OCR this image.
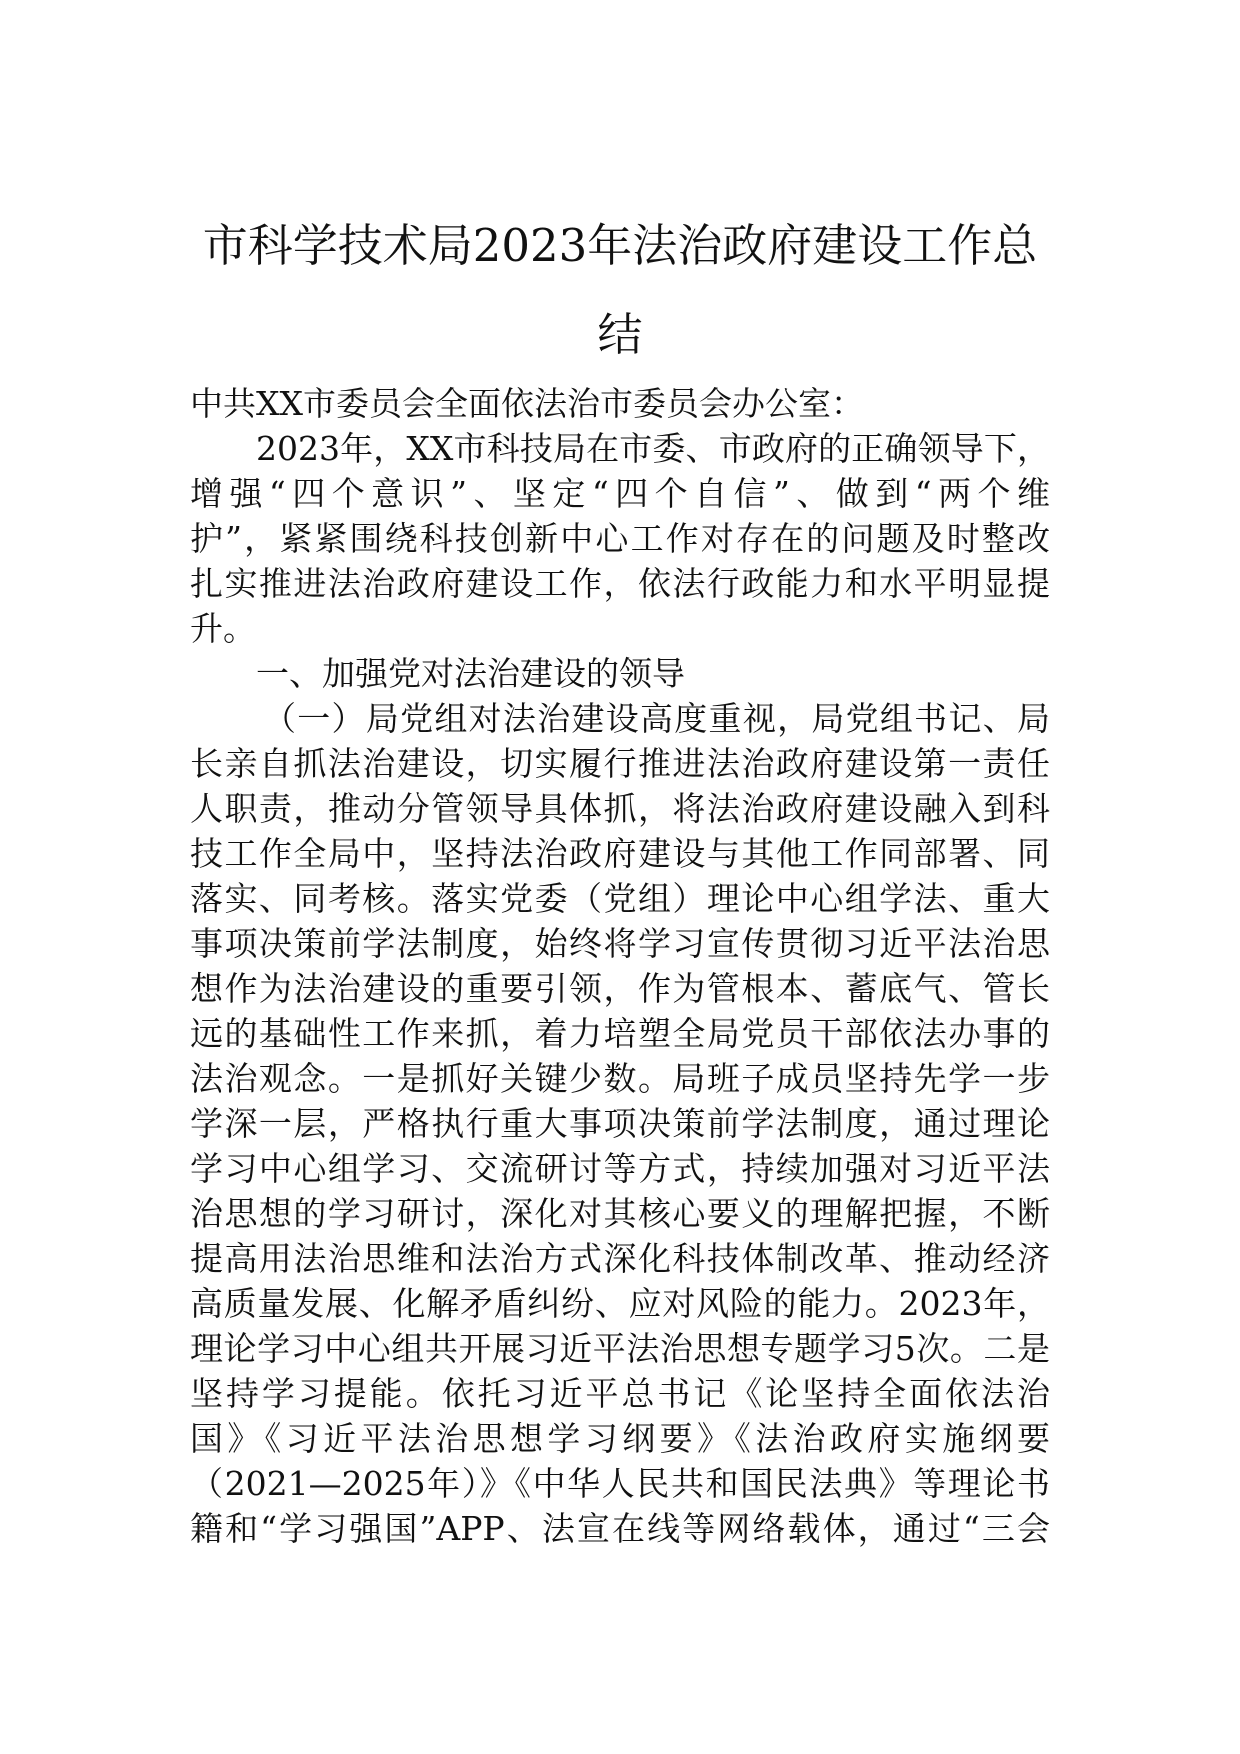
市科学技术局2023年法治政府建设工作总
结
中共XX市委员会全面依法治市委员会办公室：
2023年，XX市科技局在市委、市政府的正确领导下，
增强“四个意识”、坚定“四个自信”、做到“两个维
护”，紧紧围绕科技创新中心工作对存在的问题及时整改
扎实推进法治政府建设工作，依法行政能力和水平明显提
升。
一、加强党对法治建设的领导
（一）局党组对法治建设高度重视，局党组书记、局
长亲自抓法治建设，切实履行推进法治政府建设第一责任
人职责，推动分管领导具体抓，将法治政府建设融入到科
技工作全局中，坚持法治政府建设与其他工作同部署、同
落实、同考核。落实党委（党组）理论中心组学法、重大
事项决策前学法制度，始终将学习宣传贯彻习近平法治思
想作为法治建设的重要引领，作为管根本、蓄底气、管长
远的基础性工作来抓，着力培塑全局党员干部依法办事的
法治观念。一是抓好关键少数。局班子成员坚持先学一步
学深一层，严格执行重大事项决策前学法制度，通过理论
学习中心组学习、交流研讨等方式，持续加强对习近平法
治思想的学习研讨，深化对其核心要义的理解把握，不断
提高用法治思维和法治方式深化科技体制改革、推动经济
高质量发展、化解矛盾纠纷、应对风险的能力。2023年，
理论学习中心组共开展习近平法治思想专题学习5次。二是
坚持学习提能。依托习近平总书记《论坚持全面依法治
国》《习近平法治思想学习纲要》《法治政府实施纲要
（2021—2025年）》《中华人民共和国民法典》等理论书
籍和“学习强国”APP、法宣在线等网络载体，通过“三会
